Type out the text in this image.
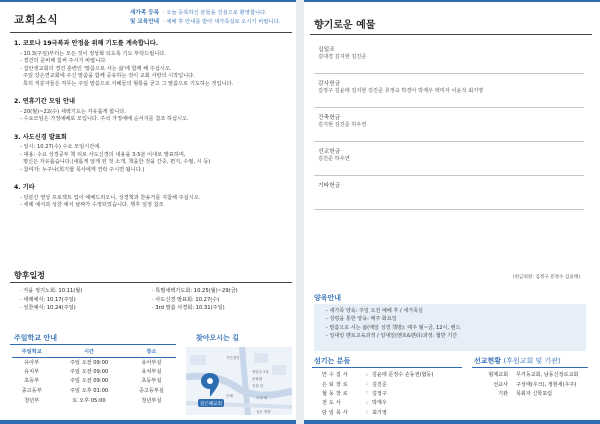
교회소식
새가족 등록
및 교육안내
· 오늘 등록하신 분들을 진심으로 환영합니다.
· 예배 후 안내를 받아 새가족실로 오시기 바랍니다.
1. 코로나 19극복과 안정을 위해 기도를 계속합니다.
- 10.3(주일)부터는 모든 것이 정상화 되도록 기도 부탁드립니다.
- 결건히 준비해 힘써 주시기 바랍니다.
- 집안생교회의 경건 훈련인 '말씀으로 사는 삶'에 함께 해 주십시오.
주일 강은연교회에 주신 말씀을 함께 공유하는 것이 교회 사랑의 시작입니다.
특히 직분자들은 직무는 주일 말씀으로 지혜들의 형통을 굳고 그 말씀으로 기도하는 것입니다.
2. 연휴기간 모임 안내
- 20(월)~22(수) 새벽기도는 자유롭게 합니다.
- 수요모임은 가정예배로 모입니다. 주석 가정예배 순서지를 참조 하십시오.
3. 사도신경 발표회
- 일시: 10.27(수) 수요 모임시간에.
- 대용: 수요 성경공부 책 뒤로 사도신경의 내용을 3-5분 이내로 발표하며,
평신은 자유롭습니다.(새롭게 알게 된 것 소개, 책을한 것을 간증, 편지, 수필, 시 등)
- 참여자: 누구나(희기협 목사에게 연락 주시면 됩니다.)
4. 기타
- 당분간 영상 프로젝트 업이 예배드리오니, 성경책과 찬송가를 지참해 주십시오.
- 세례 예식과 성찬 예식 날짜가 수정되었습니다. 행후 일정 참조
향후일정
· 가을 정기노회: 10.11(월)	· 특별새벽기도회: 10.25(월)~29(금)
· 세례예식: 10.17(주일)	· 사도신경 발표회: 10.27(수)
· 성찬예식: 10.24(주일)	· 3rd 말씀 사경회: 10.31(주일)
주일학교 안내
주일학교	시간	장소
유아부	주일 오전 09:00	유아부실
유치부	주일 오전 09:00	유치부실
초등부	주일 오전 09:00	초등부실
중고등부	주일 오후 01:00	중고등부실
청년부	토 오후 05:00	청년부실
찾아오시는 길
길은혜교회
기은빌딩
중앙로 2층
문화원
공원 앞
은혜	오리 버
길은 방향
향기로운 예물
십일조
김대경 김지현 김진준
감사헌금
김정구 김윤태 김지현 김진준 류정숙 박경아 박재우 백미자 이윤석 최기영
건축헌금
김지현 김진준 하우연
선교헌금
김진준 하우연
기타헌금
(헌금위원: 김정구 문정수 김윤태)
양육안내
- 새가족 양육: 주일 오전 예배 후 / 새가족실
- 성령을 통한 양육: 매주 화요일
- 말씀으로 사는 삶(매일 성경 책방): 매주 월~금, 12시, 밴드
- 일대일 멘토교육과정 / 일대일(멘토&멘티)과정: 협반 기간
섬기는 분들
안수집사	:	김윤태 문정수 손동권(협동)
은퇴장로	:	김진준
협동장로	:	김정구
전도사	:	박재우
담임목사	:	최기영
선교현황 (후원교회 및 기관)
형제교회	무거동교회, 남동신정로교회
선교사	구성태(우크), 정현세(우주)
기관	목회자 신학포럼
